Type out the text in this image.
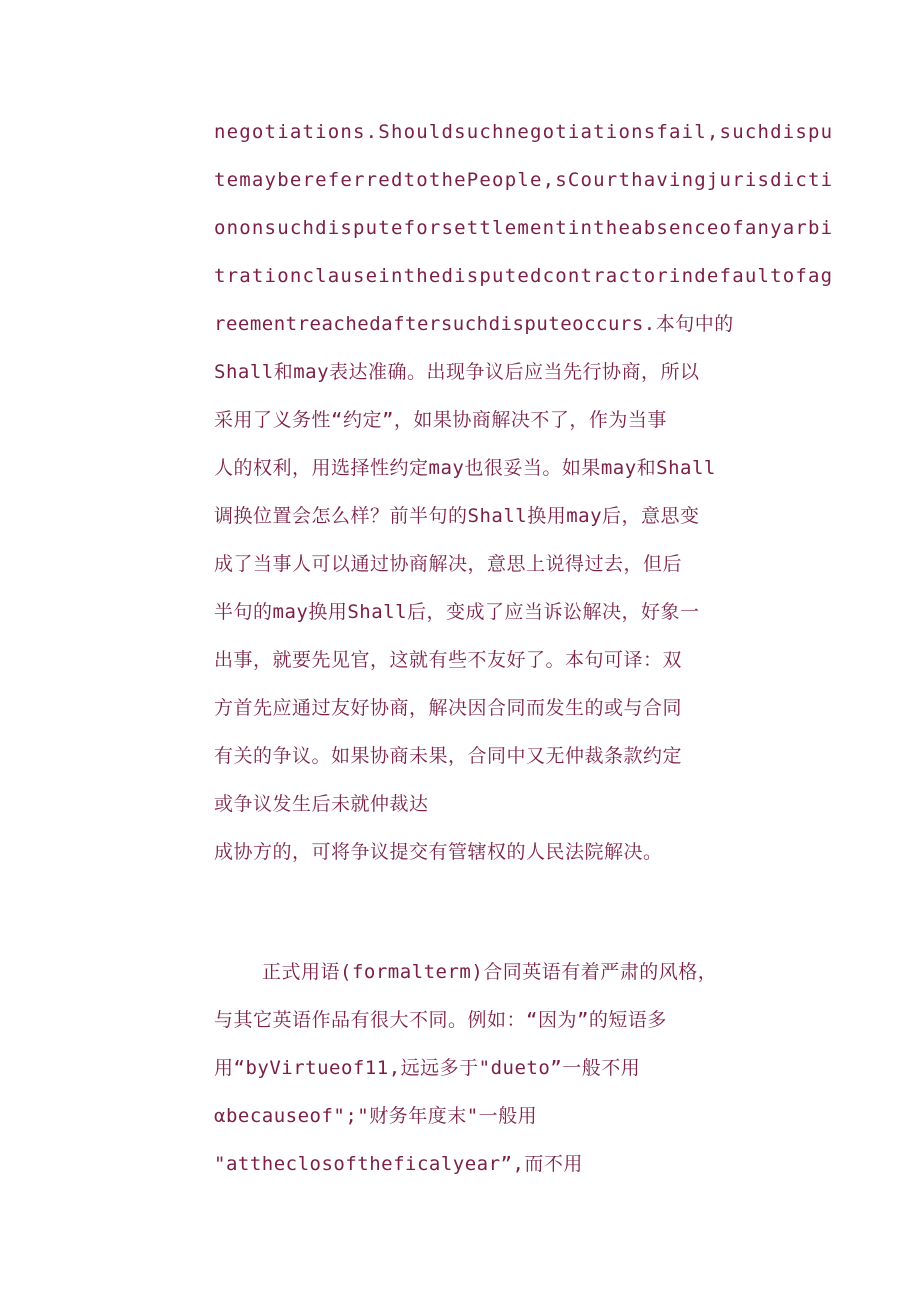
negotiations.Shouldsuchnegotiationsfail,suchdispu
temaybereferredtothePeople,sCourthavingjurisdicti
ononsuchdisputeforsettlementintheabsenceofanyarbi
trationclauseinthedisputedcontractorindefaultofag
reementreachedaftersuchdisputeoccurs.本句中的
Shall和may表达准确。出现争议后应当先行协商，所以
采用了义务性“约定”，如果协商解决不了，作为当事
人的权利，用选择性约定may也很妥当。如果may和Shall
调换位置会怎么样？前半句的Shall换用may后，意思变
成了当事人可以通过协商解决，意思上说得过去，但后
半句的may换用Shall后，变成了应当诉讼解决，好象一
出事，就要先见官，这就有些不友好了。本句可译：双
方首先应通过友好协商，解决因合同而发生的或与合同
有关的争议。如果协商未果，合同中又无仲裁条款约定
或争议发生后未就仲裁达
成协方的，可将争议提交有管辖权的人民法院解决。
正式用语(formalterm)合同英语有着严肃的风格，
与其它英语作品有很大不同。例如：“因为”的短语多
用“byVirtueof11,远远多于"dueto”一般不用
αbecauseof";"财务年度末"一般用
"attheclosoftheficalyear”,而不用
